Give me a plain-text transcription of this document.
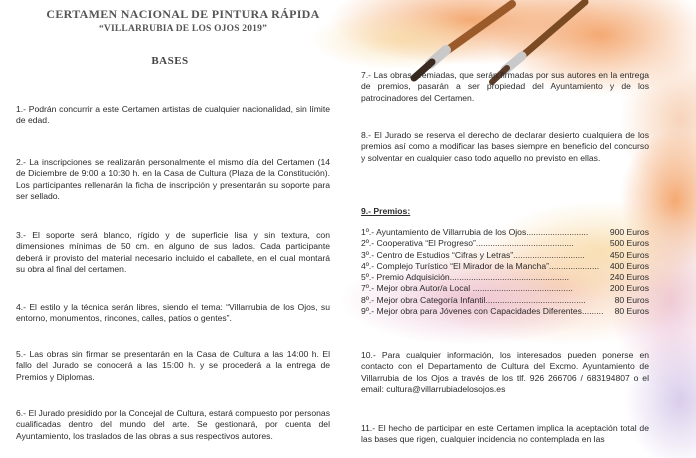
CERTAMEN NACIONAL DE PINTURA RÁPIDA
“VILLARRUBIA DE LOS OJOS 2019”
BASES

1.- Podrán concurrir a este Certamen artistas de cualquier nacionalidad, sin límite de edad.

2.- La inscripciones se realizarán personalmente el mismo día del Certamen (14 de Diciembre de 9:00 a 10:30 h. en la Casa de Cultura (Plaza de la Constitución). Los participantes rellenarán la ficha de inscripción y presentarán su soporte para ser sellado.

3.- El soporte será blanco, rígido y de superficie lisa y sin textura, con dimensiones mínimas de 50 cm. en alguno de sus lados. Cada participante deberá ir provisto del material necesario incluido el caballete, en el cual montará su obra al final del certamen.

4.- El estilo y la técnica serán libres, siendo el tema: “Villarrubia de los Ojos, su entorno, monumentos, rincones, calles, patios o gentes”.

5.- Las obras sin firmar se presentarán en la Casa de Cultura a las 14:00 h. El fallo del Jurado se conocerá a las 15:00 h. y se procederá a la entrega de Premios y Diplomas.

6.- El Jurado presidido por la Concejal de Cultura, estará compuesto por personas cualificadas dentro del mundo del arte. Se gestionará, por cuenta del Ayuntamiento, los traslados de las obras a sus respectivos autores.

7.- Las obras premiadas, que serán firmadas por sus autores en la entrega de premios, pasarán a ser propiedad del Ayuntamiento y de los patrocinadores del Certamen.

8.- El Jurado se reserva el derecho de declarar desierto cualquiera de los premios así como a modificar las bases siempre en beneficio del concurso y solventar en cualquier caso todo aquello no previsto en ellas.

9.- Premios:

1º.- Ayuntamiento de Villarrubia de los Ojos..........................	900 Euros
2º.- Cooperativa “El Progreso”.........................................	500 Euros
3º.- Centro de Estudios “Cifras y Letras”..............................	450 Euros
4º.- Complejo Turístico “El Mirador de la Mancha”.....................	400 Euros
5º.- Premio Adquisición..................................................	240 Euros
7º.- Mejor obra Autor/a Local ..........................................	200 Euros
8º.- Mejor obra Categoría Infantil..........................................	80 Euros
9º.- Mejor obra para Jóvenes con Capacidades Diferentes.........	80 Euros

10.- Para cualquier información, los interesados pueden ponerse en contacto con el Departamento de Cultura del Excmo. Ayuntamiento de Villarrubia de los Ojos a través de los tlf. 926 266706 / 683194807 o el email: cultura@villarrubiadelosojos.es

11.- El hecho de participar en este Certamen implica la aceptación total de las bases que rigen, cualquier incidencia no contemplada en las
